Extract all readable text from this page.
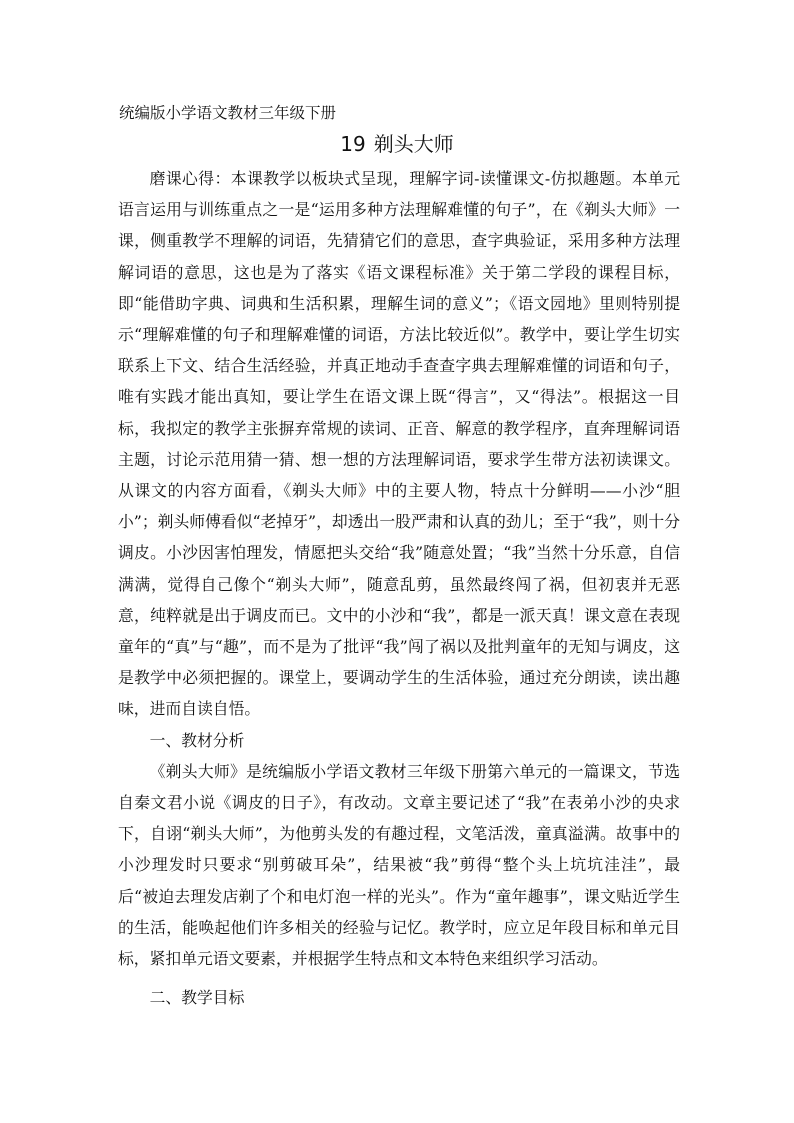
统编版小学语文教材三年级下册
19 剃头大师

磨课心得：本课教学以板块式呈现，理解字词-读懂课文-仿拟趣题。本单元语言运用与训练重点之一是“运用多种方法理解难懂的句子”，在《剃头大师》一课，侧重教学不理解的词语，先猜猜它们的意思，查字典验证，采用多种方法理解词语的意思，这也是为了落实《语文课程标准》关于第二学段的课程目标，即“能借助字典、词典和生活积累，理解生词的意义”；《语文园地》里则特别提示“理解难懂的句子和理解难懂的词语，方法比较近似”。教学中，要让学生切实联系上下文、结合生活经验，并真正地动手查查字典去理解难懂的词语和句子，唯有实践才能出真知，要让学生在语文课上既“得言”，又“得法”。根据这一目标，我拟定的教学主张摒弃常规的读词、正音、解意的教学程序，直奔理解词语主题，讨论示范用猜一猜、想一想的方法理解词语，要求学生带方法初读课文。从课文的内容方面看，《剃头大师》中的主要人物，特点十分鲜明——小沙“胆小”；剃头师傅看似“老掉牙”，却透出一股严肃和认真的劲儿；至于“我”，则十分调皮。小沙因害怕理发，情愿把头交给“我”随意处置；“我”当然十分乐意，自信满满，觉得自己像个“剃头大师”，随意乱剪，虽然最终闯了祸，但初衷并无恶意，纯粹就是出于调皮而已。文中的小沙和“我”，都是一派天真！课文意在表现童年的“真”与“趣”，而不是为了批评“我”闯了祸以及批判童年的无知与调皮，这是教学中必须把握的。课堂上，要调动学生的生活体验，通过充分朗读，读出趣味，进而自读自悟。

一、教材分析

《剃头大师》是统编版小学语文教材三年级下册第六单元的一篇课文，节选自秦文君小说《调皮的日子》，有改动。文章主要记述了“我”在表弟小沙的央求下，自诩“剃头大师”，为他剪头发的有趣过程，文笔活泼，童真溢满。故事中的小沙理发时只要求“别剪破耳朵”，结果被“我”剪得“整个头上坑坑洼洼”，最后“被迫去理发店剃了个和电灯泡一样的光头”。作为“童年趣事”，课文贴近学生的生活，能唤起他们许多相关的经验与记忆。教学时，应立足年段目标和单元目标，紧扣单元语文要素，并根据学生特点和文本特色来组织学习活动。

二、教学目标
